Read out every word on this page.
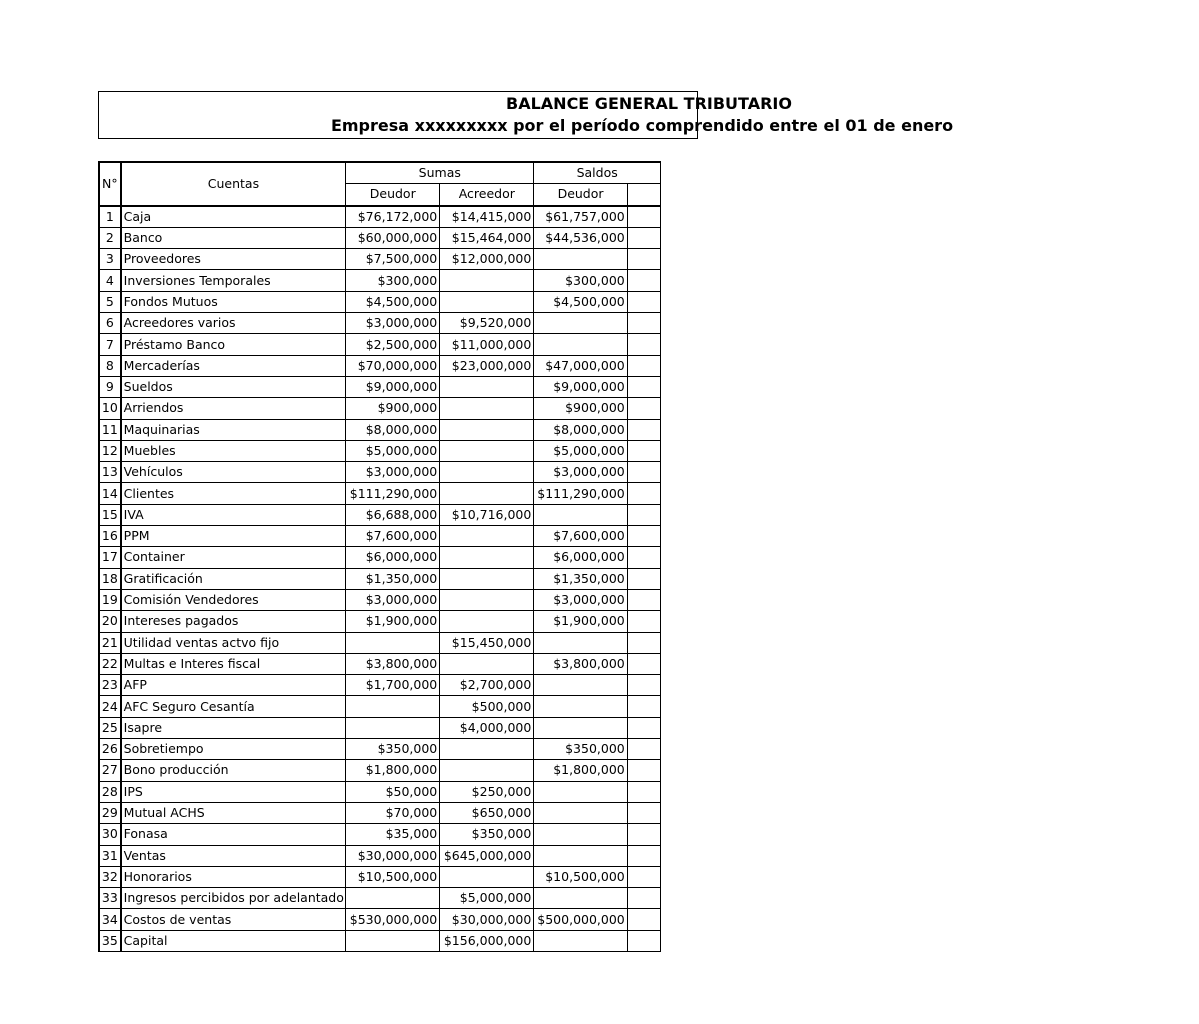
BALANCE GENERAL TRIBUTARIO
Empresa xxxxxxxxx por el período comprendido entre el 01 de enero
N°	Cuentas	Sumas		Saldos	
		Deudor	Acreedor	Deudor	
1	Caja	$76,172,000	$14,415,000	$61,757,000	
2	Banco	$60,000,000	$15,464,000	$44,536,000	
3	Proveedores	$7,500,000	$12,000,000		
4	Inversiones Temporales	$300,000		$300,000	
5	Fondos Mutuos	$4,500,000		$4,500,000	
6	Acreedores varios	$3,000,000	$9,520,000		
7	Préstamo Banco	$2,500,000	$11,000,000		
8	Mercaderías	$70,000,000	$23,000,000	$47,000,000	
9	Sueldos	$9,000,000		$9,000,000	
10	Arriendos	$900,000		$900,000	
11	Maquinarias	$8,000,000		$8,000,000	
12	Muebles	$5,000,000		$5,000,000	
13	Vehículos	$3,000,000		$3,000,000	
14	Clientes	$111,290,000		$111,290,000	
15	IVA	$6,688,000	$10,716,000		
16	PPM	$7,600,000		$7,600,000	
17	Container	$6,000,000		$6,000,000	
18	Gratificación	$1,350,000		$1,350,000	
19	Comisión Vendedores	$3,000,000		$3,000,000	
20	Intereses pagados	$1,900,000		$1,900,000	
21	Utilidad ventas actvo fijo		$15,450,000		
22	Multas e Interes fiscal	$3,800,000		$3,800,000	
23	AFP	$1,700,000	$2,700,000		
24	AFC Seguro Cesantía		$500,000		
25	Isapre		$4,000,000		
26	Sobretiempo	$350,000		$350,000	
27	Bono producción	$1,800,000		$1,800,000	
28	IPS	$50,000	$250,000		
29	Mutual ACHS	$70,000	$650,000		
30	Fonasa	$35,000	$350,000		
31	Ventas	$30,000,000	$645,000,000		
32	Honorarios	$10,500,000		$10,500,000	
33	Ingresos percibidos por adelantado		$5,000,000		
34	Costos de ventas	$530,000,000	$30,000,000	$500,000,000	
35	Capital		$156,000,000		
